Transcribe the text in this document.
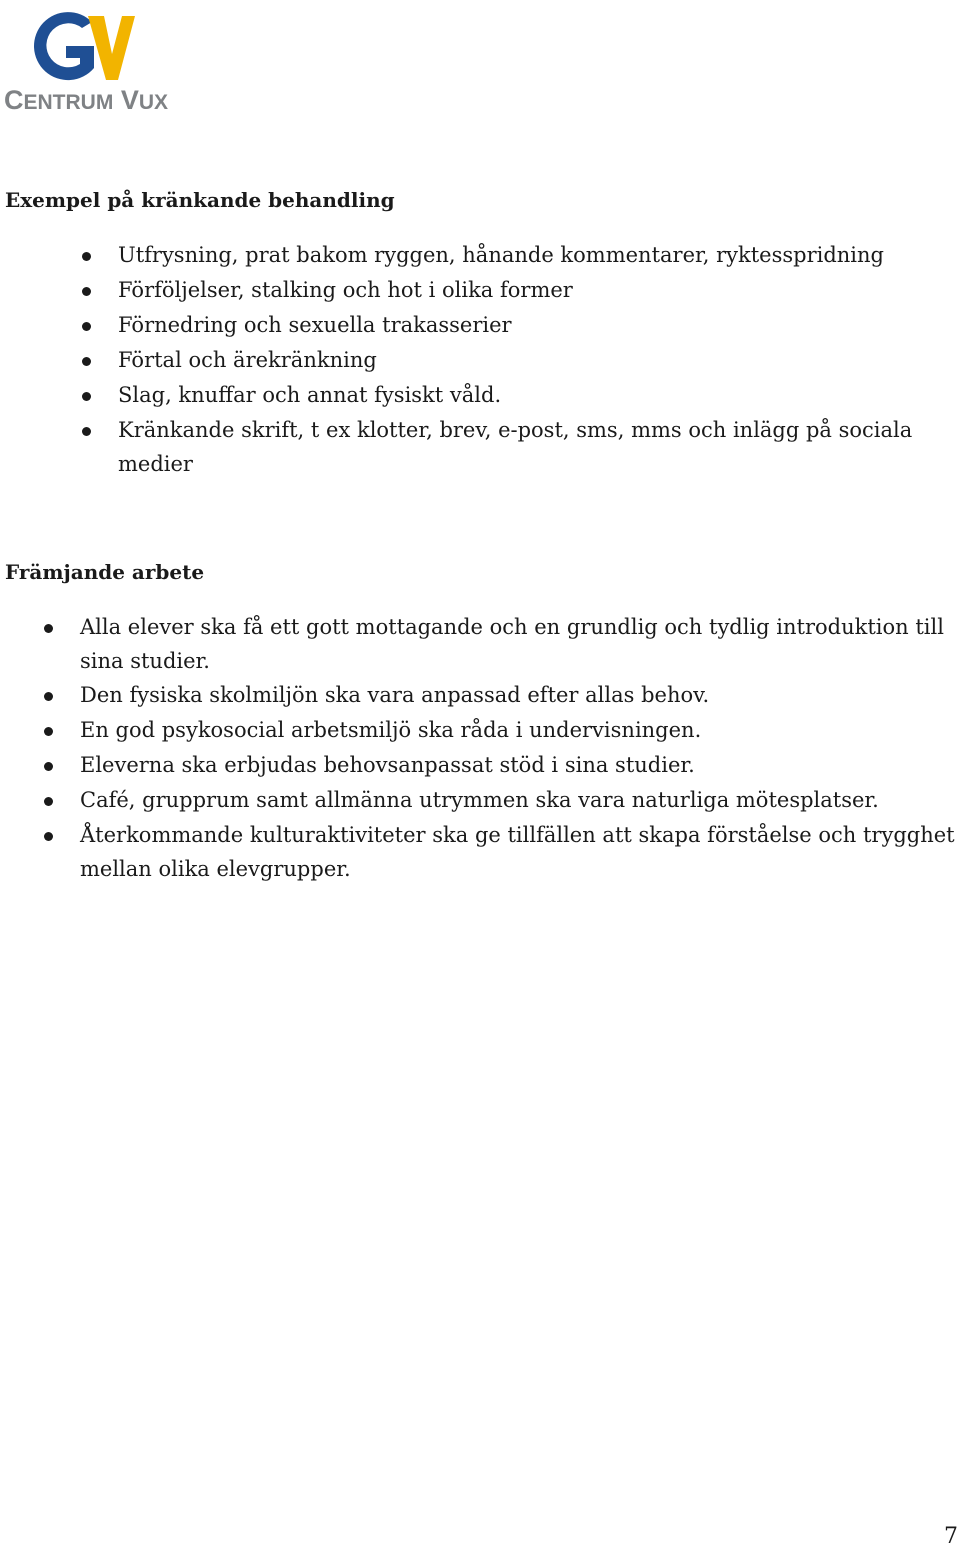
CENTRUM VUX
Exempel på kränkande behandling
Utfrysning, prat bakom ryggen, hånande kommentarer, ryktesspridning
Förföljelser, stalking och hot i olika former
Förnedring och sexuella trakasserier
Förtal och ärekränkning
Slag, knuffar och annat fysiskt våld.
Kränkande skrift, t ex klotter, brev, e-post, sms, mms och inlägg på sociala medier
Främjande arbete
Alla elever ska få ett gott mottagande och en grundlig och tydlig introduktion till sina studier.
Den fysiska skolmiljön ska vara anpassad efter allas behov.
En god psykosocial arbetsmiljö ska råda i undervisningen.
Eleverna ska erbjudas behovsanpassat stöd i sina studier.
Café, grupprum samt allmänna utrymmen ska vara naturliga mötesplatser.
Återkommande kulturaktiviteter ska ge tillfällen att skapa förståelse och trygghet mellan olika elevgrupper.
7
